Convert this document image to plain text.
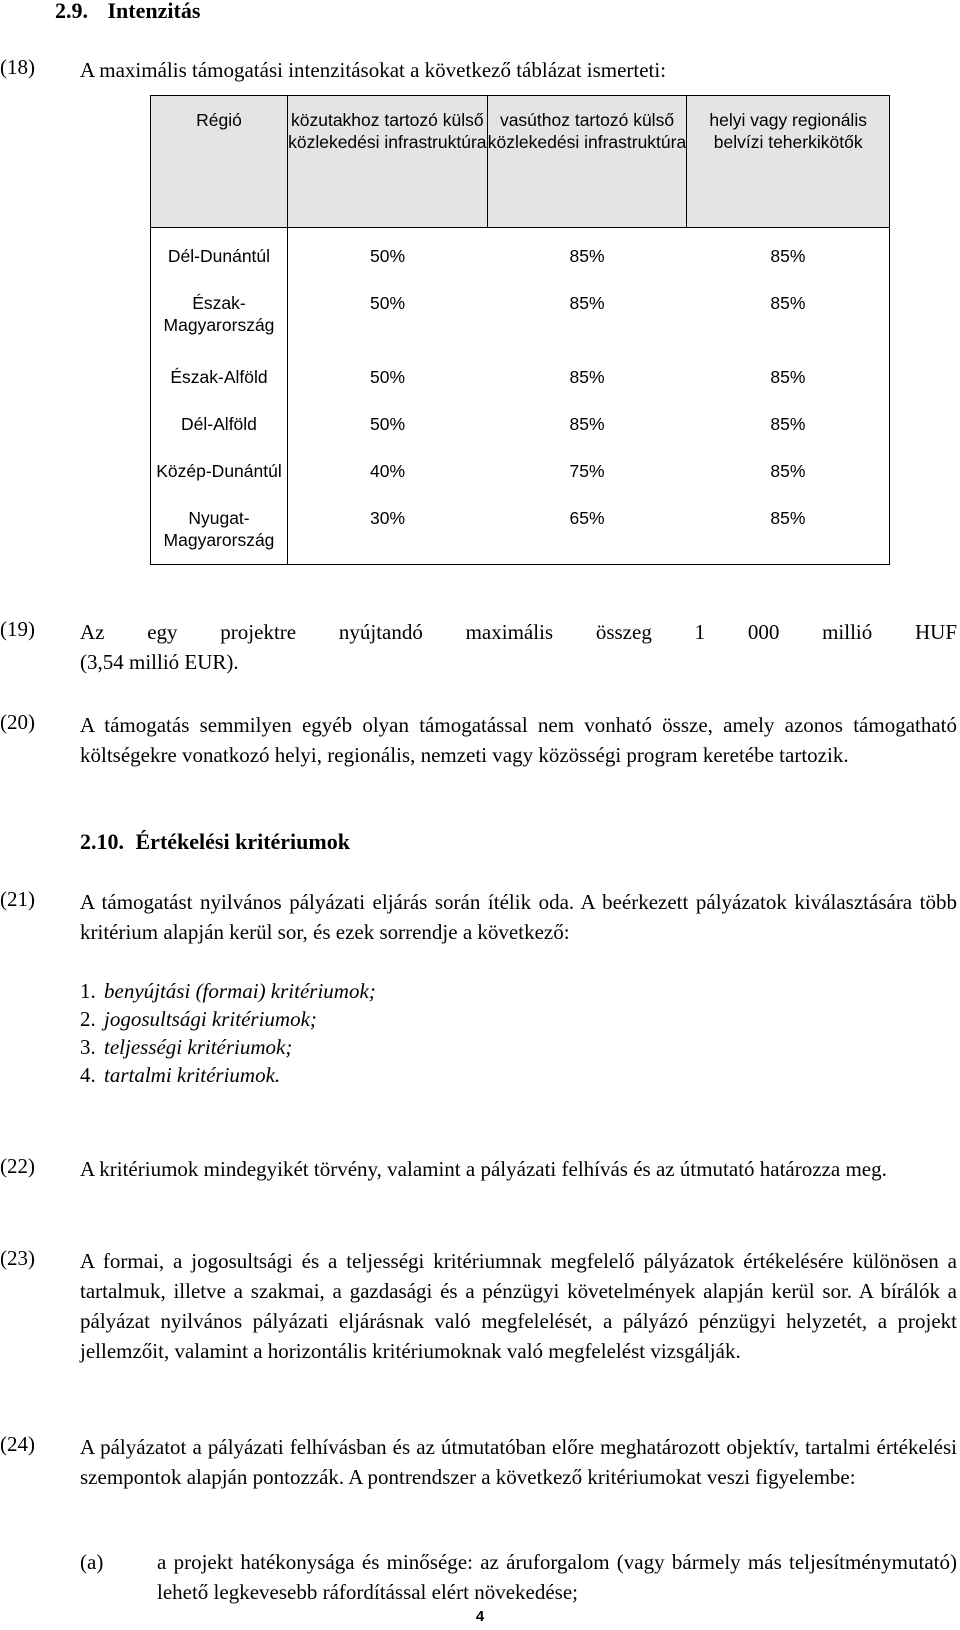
2.9. Intenzitás
(18) A maximális támogatási intenzitásokat a következő táblázat ismerteti:
Régió	közutakhoz tartozó külső közlekedési infrastruktúra	vasúthoz tartozó külső közlekedési infrastruktúra	helyi vagy regionális belvízi teherkikötők
Dél-Dunántúl	50%	85%	85%
Észak-Magyarország	50%	85%	85%
Észak-Alföld	50%	85%	85%
Dél-Alföld	50%	85%	85%
Közép-Dunántúl	40%	75%	85%
Nyugat-Magyarország	30%	65%	85%
(19) Az egy projektre nyújtandó maximális összeg 1 000 millió HUF
(3,54 millió EUR).
(20) A támogatás semmilyen egyéb olyan támogatással nem vonható össze, amely azonos támogatható költségekre vonatkozó helyi, regionális, nemzeti vagy közösségi program keretébe tartozik.
2.10. Értékelési kritériumok
(21) A támogatást nyilvános pályázati eljárás során ítélik oda. A beérkezett pályázatok kiválasztására több kritérium alapján kerül sor, és ezek sorrendje a következő:
1. benyújtási (formai) kritériumok;
2. jogosultsági kritériumok;
3. teljességi kritériumok;
4. tartalmi kritériumok.
(22) A kritériumok mindegyikét törvény, valamint a pályázati felhívás és az útmutató határozza meg.
(23) A formai, a jogosultsági és a teljességi kritériumnak megfelelő pályázatok értékelésére különösen a tartalmuk, illetve a szakmai, a gazdasági és a pénzügyi követelmények alapján kerül sor. A bírálók a pályázat nyilvános pályázati eljárásnak való megfelelését, a pályázó pénzügyi helyzetét, a projekt jellemzőit, valamint a horizontális kritériumoknak való megfelelést vizsgálják.
(24) A pályázatot a pályázati felhívásban és az útmutatóban előre meghatározott objektív, tartalmi értékelési szempontok alapján pontozzák. A pontrendszer a következő kritériumokat veszi figyelembe:
(a)	a projekt hatékonysága és minősége: az áruforgalom (vagy bármely más teljesítménymutató) lehető legkevesebb ráfordítással elért növekedése;
4
